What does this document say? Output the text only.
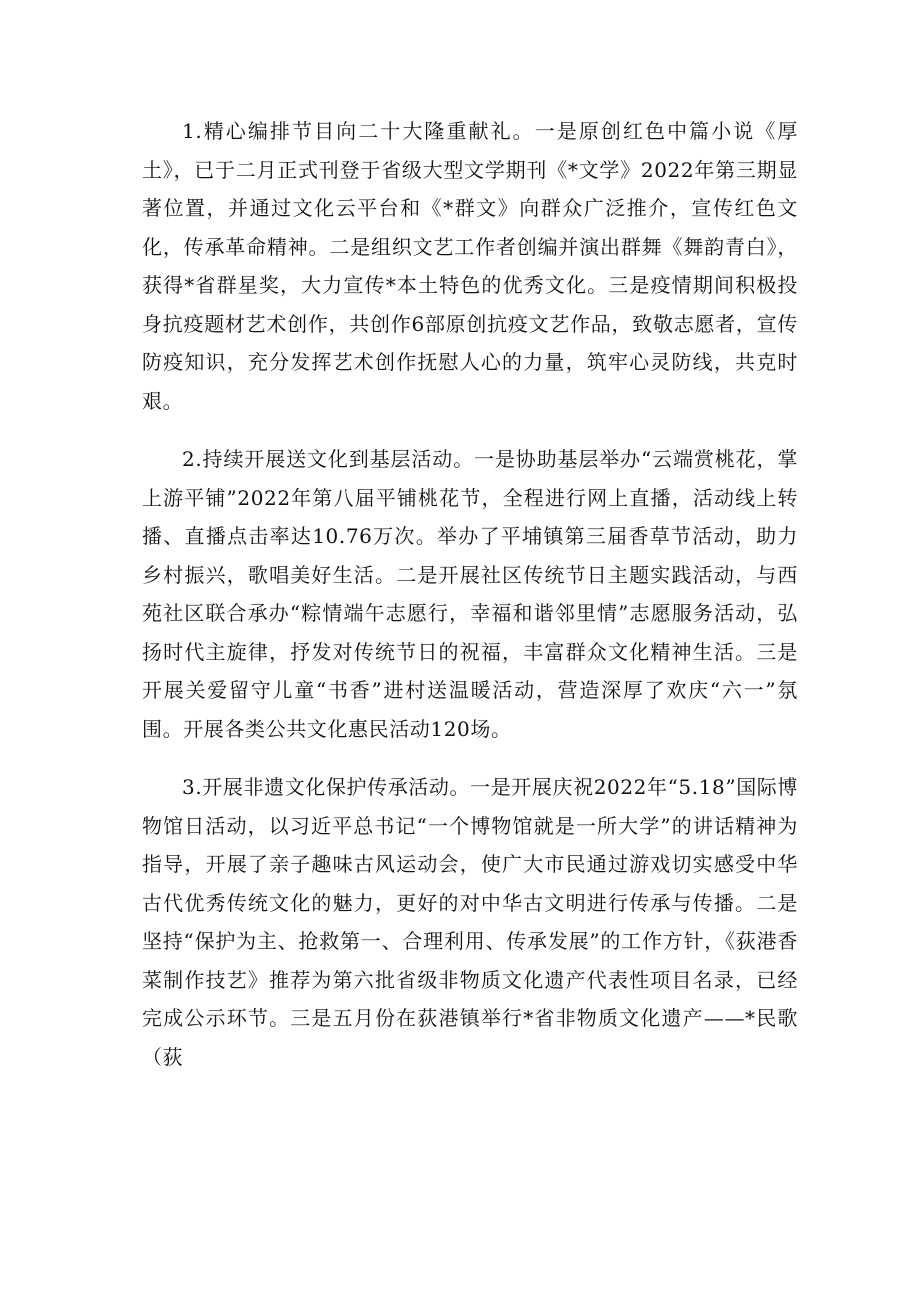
1.精心编排节目向二十大隆重献礼。一是原创红色中篇小说《厚土》，已于二月正式刊登于省级大型文学期刊《*文学》2022年第三期显著位置，并通过文化云平台和《*群文》向群众广泛推介，宣传红色文化，传承革命精神。二是组织文艺工作者创编并演出群舞《舞韵青白》，获得*省群星奖，大力宣传*本土特色的优秀文化。三是疫情期间积极投身抗疫题材艺术创作，共创作6部原创抗疫文艺作品，致敬志愿者，宣传防疫知识，充分发挥艺术创作抚慰人心的力量，筑牢心灵防线，共克时艰。

2.持续开展送文化到基层活动。一是协助基层举办“云端赏桃花，掌上游平铺”2022年第八届平铺桃花节，全程进行网上直播，活动线上转播、直播点击率达10.76万次。举办了平埔镇第三届香草节活动，助力乡村振兴，歌唱美好生活。二是开展社区传统节日主题实践活动，与西苑社区联合承办“粽情端午志愿行，幸福和谐邻里情”志愿服务活动，弘扬时代主旋律，抒发对传统节日的祝福，丰富群众文化精神生活。三是开展关爱留守儿童“书香”进村送温暖活动，营造深厚了欢庆“六一”氛围。开展各类公共文化惠民活动120场。

3.开展非遗文化保护传承活动。一是开展庆祝2022年“5.18”国际博物馆日活动，以习近平总书记“一个博物馆就是一所大学”的讲话精神为指导，开展了亲子趣味古风运动会，使广大市民通过游戏切实感受中华古代优秀传统文化的魅力，更好的对中华古文明进行传承与传播。二是坚持“保护为主、抢救第一、合理利用、传承发展”的工作方针，《荻港香菜制作技艺》推荐为第六批省级非物质文化遗产代表性项目名录，已经完成公示环节。三是五月份在荻港镇举行*省非物质文化遗产——*民歌（荻
